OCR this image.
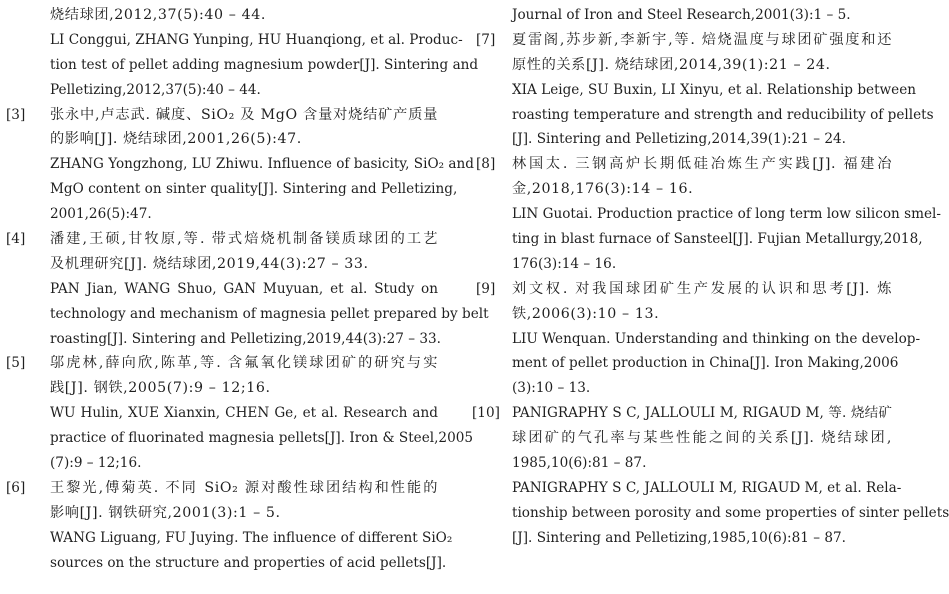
烧结球团,2012,37(5):40 – 44.
LI Conggui, ZHANG Yunping, HU Huanqiong, et al. Produc-
tion test of pellet adding magnesium powder[J]. Sintering and
Pelletizing,2012,37(5):40 – 44.
[3]	张永中,卢志武. 碱度、SiO₂ 及 MgO 含量对烧结矿产质量
的影响[J]. 烧结球团,2001,26(5):47.
ZHANG Yongzhong, LU Zhiwu. Influence of basicity, SiO₂ and
MgO content on sinter quality[J]. Sintering and Pelletizing,
2001,26(5):47.
[4]	潘建,王硕,甘牧原,等. 带式焙烧机制备镁质球团的工艺
及机理研究[J]. 烧结球团,2019,44(3):27 – 33.
PAN Jian, WANG Shuo, GAN Muyuan, et al. Study on
technology and mechanism of magnesia pellet prepared by belt
roasting[J]. Sintering and Pelletizing,2019,44(3):27 – 33.
[5]	邬虎林,薛向欣,陈革,等. 含氟氧化镁球团矿的研究与实
践[J]. 钢铁,2005(7):9 – 12;16.
WU Hulin, XUE Xianxin, CHEN Ge, et al. Research and
practice of fluorinated magnesia pellets[J]. Iron & Steel,2005
(7):9 – 12;16.
[6]	王黎光,傅菊英. 不同 SiO₂ 源对酸性球团结构和性能的
影响[J]. 钢铁研究,2001(3):1 – 5.
WANG Liguang, FU Juying. The influence of different SiO₂
sources on the structure and properties of acid pellets[J].
Journal of Iron and Steel Research,2001(3):1 – 5.
[7]	夏雷阁,苏步新,李新宇,等. 焙烧温度与球团矿强度和还
原性的关系[J]. 烧结球团,2014,39(1):21 – 24.
XIA Leige, SU Buxin, LI Xinyu, et al. Relationship between
roasting temperature and strength and reducibility of pellets
[J]. Sintering and Pelletizing,2014,39(1):21 – 24.
[8]	林国太. 三钢高炉长期低硅冶炼生产实践[J]. 福建冶
金,2018,176(3):14 – 16.
LIN Guotai. Production practice of long term low silicon smel-
ting in blast furnace of Sansteel[J]. Fujian Metallurgy,2018,
176(3):14 – 16.
[9]	刘文权. 对我国球团矿生产发展的认识和思考[J]. 炼
铁,2006(3):10 – 13.
LIU Wenquan. Understanding and thinking on the develop-
ment of pellet production in China[J]. Iron Making,2006
(3):10 – 13.
[10] PANIGRAPHY S C, JALLOULI M, RIGAUD M, 等. 烧结矿
球团矿的气孔率与某些性能之间的关系[J]. 烧结球团,
1985,10(6):81 – 87.
PANIGRAPHY S C, JALLOULI M, RIGAUD M, et al. Rela-
tionship between porosity and some properties of sinter pellets
[J]. Sintering and Pelletizing,1985,10(6):81 – 87.
